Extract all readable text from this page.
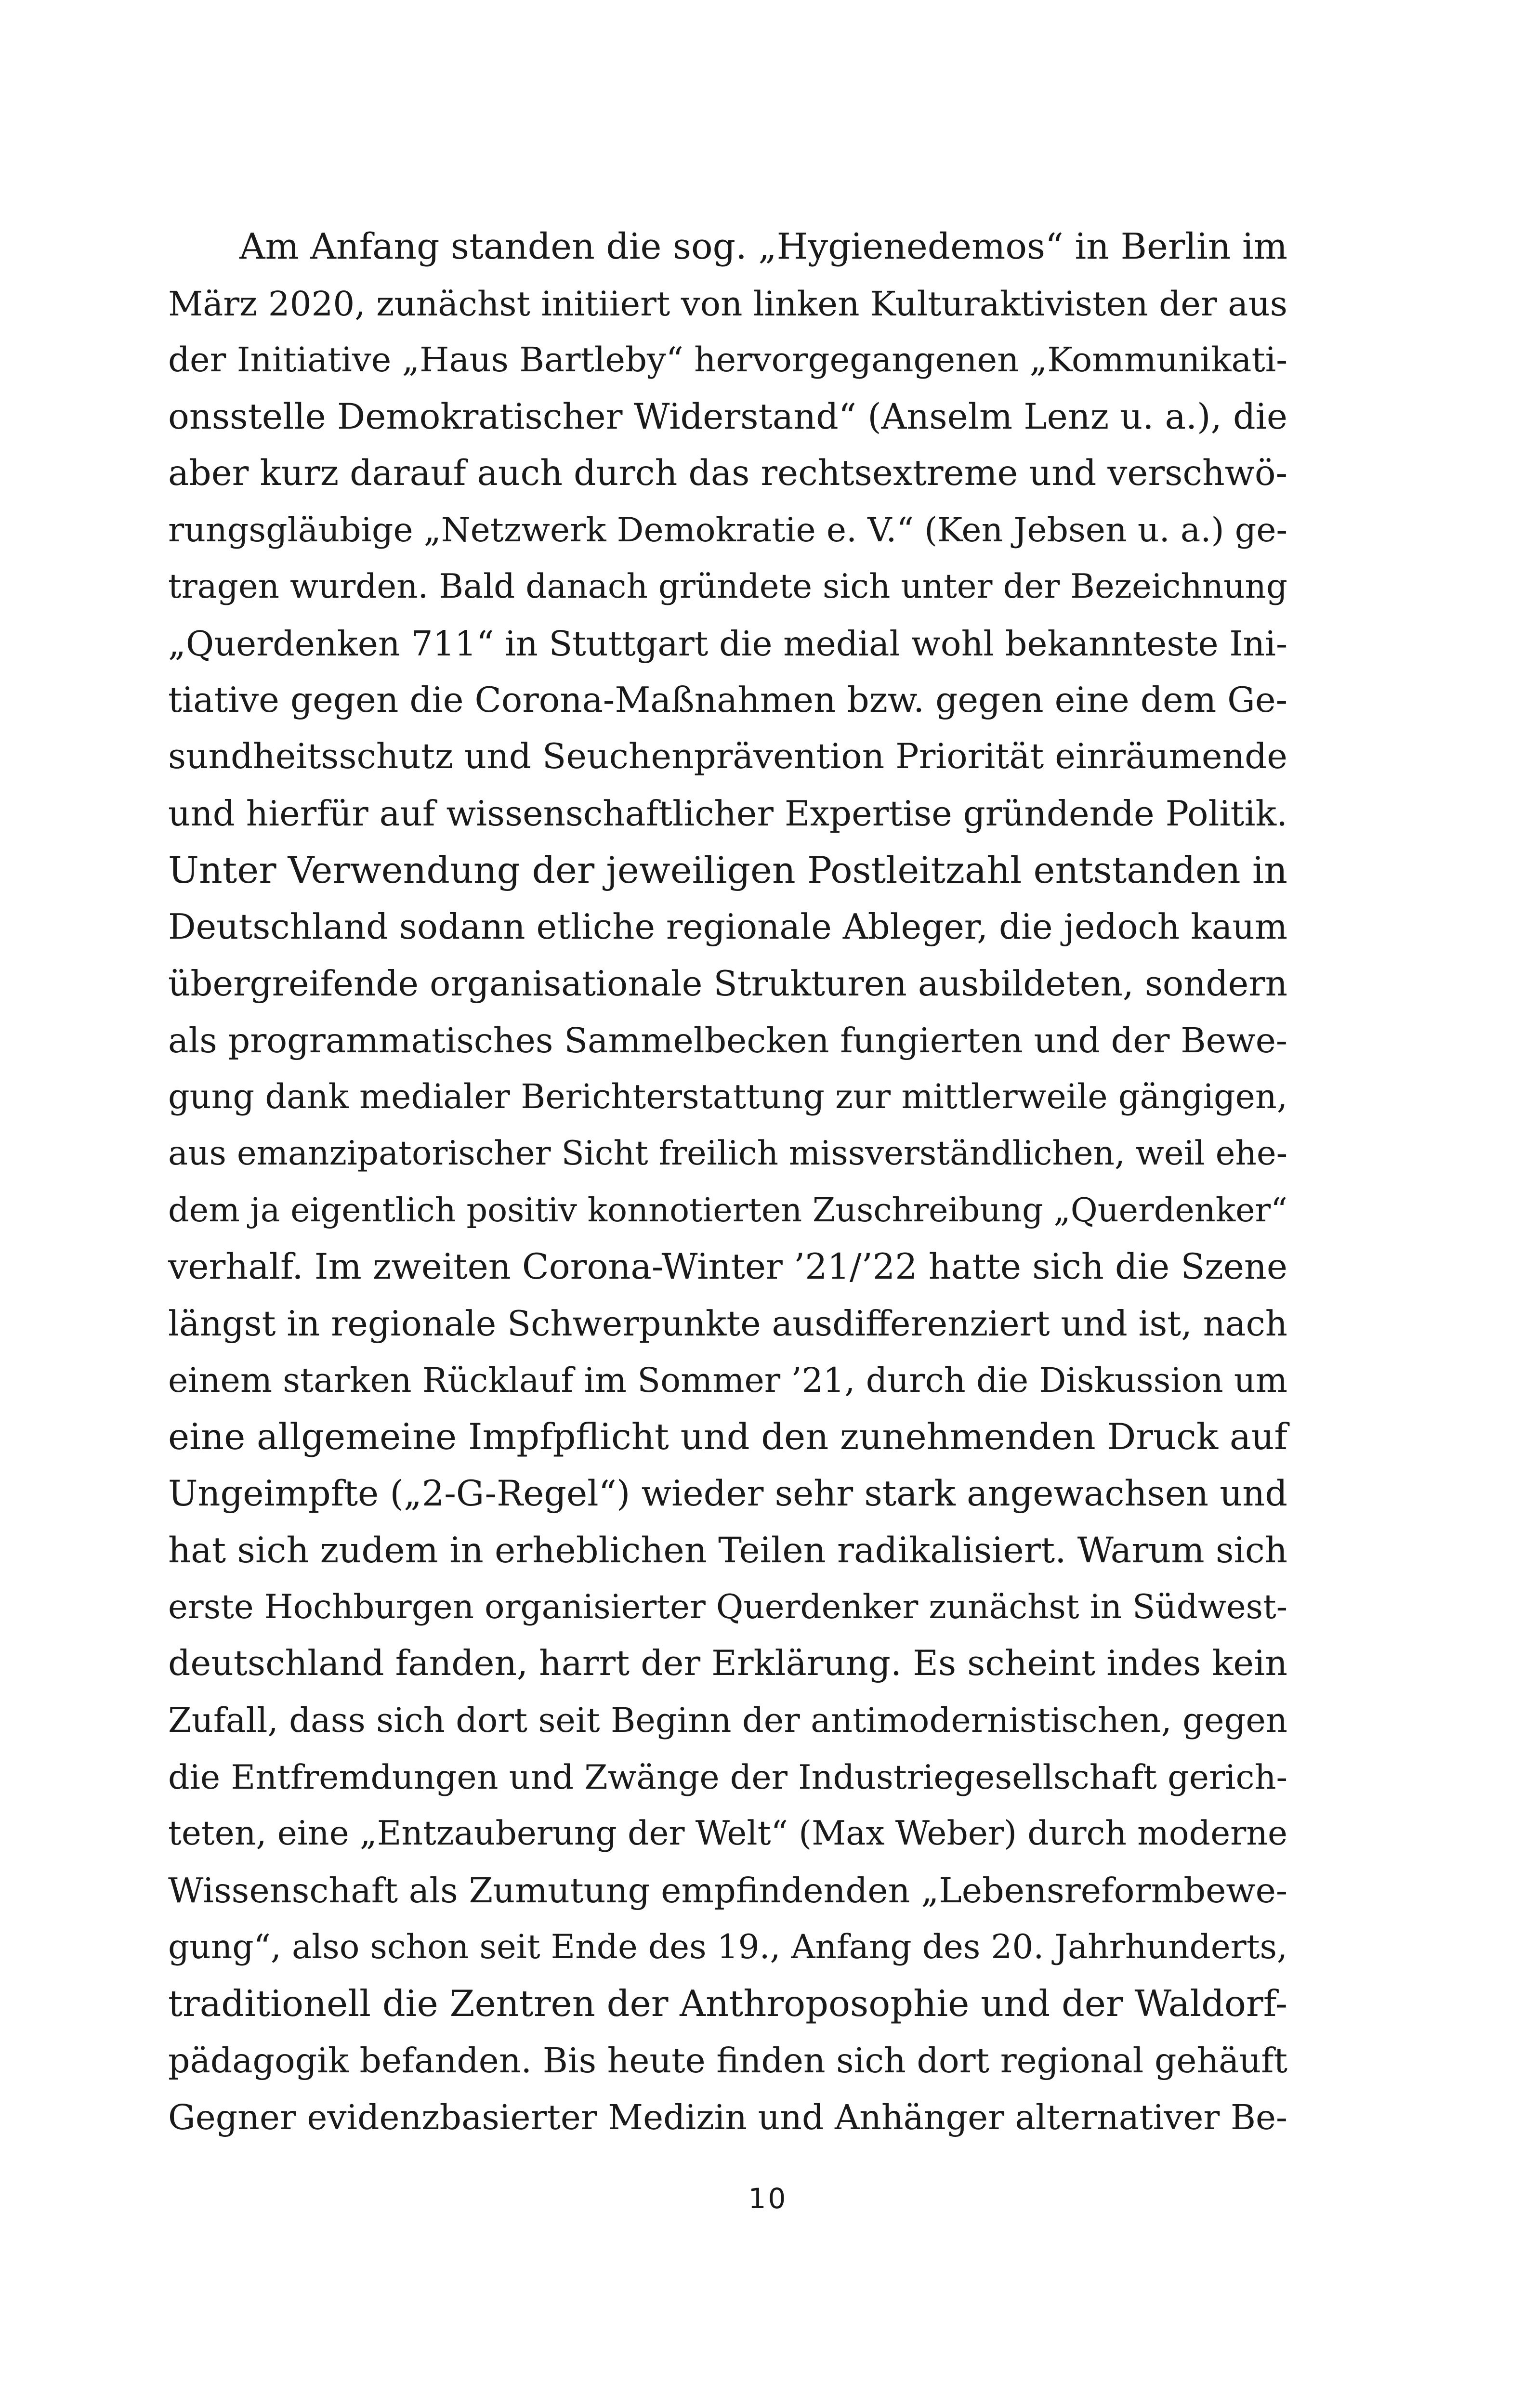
Am Anfang standen die sog. „Hygienedemos“ in Berlin im
März 2020, zunächst initiiert von linken Kulturaktivisten der aus
der Initiative „Haus Bartleby“ hervorgegangenen „Kommunikati-
onsstelle Demokratischer Widerstand“ (Anselm Lenz u. a.), die
aber kurz darauf auch durch das rechtsextreme und verschwö-
rungsgläubige „Netzwerk Demokratie e. V.“ (Ken Jebsen u. a.) ge-
tragen wurden. Bald danach gründete sich unter der Bezeichnung
„Querdenken 711“ in Stuttgart die medial wohl bekannteste Ini-
tiative gegen die Corona-Maßnahmen bzw. gegen eine dem Ge-
sundheitsschutz und Seuchenprävention Priorität einräumende
und hierfür auf wissenschaftlicher Expertise gründende Politik.
Unter Verwendung der jeweiligen Postleitzahl entstanden in
Deutschland sodann etliche regionale Ableger, die jedoch kaum
übergreifende organisationale Strukturen ausbildeten, sondern
als programmatisches Sammelbecken fungierten und der Bewe-
gung dank medialer Berichterstattung zur mittlerweile gängigen,
aus emanzipatorischer Sicht freilich missverständlichen, weil ehe-
dem ja eigentlich positiv konnotierten Zuschreibung „Querdenker“
verhalf. Im zweiten Corona-Winter ’21/’22 hatte sich die Szene
längst in regionale Schwerpunkte ausdifferenziert und ist, nach
einem starken Rücklauf im Sommer ’21, durch die Diskussion um
eine allgemeine Impfpflicht und den zunehmenden Druck auf
Ungeimpfte („2-G-Regel“) wieder sehr stark angewachsen und
hat sich zudem in erheblichen Teilen radikalisiert. Warum sich
erste Hochburgen organisierter Querdenker zunächst in Südwest-
deutschland fanden, harrt der Erklärung. Es scheint indes kein
Zufall, dass sich dort seit Beginn der antimodernistischen, gegen
die Entfremdungen und Zwänge der Industriegesellschaft gerich-
teten, eine „Entzauberung der Welt“ (Max Weber) durch moderne
Wissenschaft als Zumutung empfindenden „Lebensreformbewe-
gung“, also schon seit Ende des 19., Anfang des 20. Jahrhunderts,
traditionell die Zentren der Anthroposophie und der Waldorf-
pädagogik befanden. Bis heute finden sich dort regional gehäuft
Gegner evidenzbasierter Medizin und Anhänger alternativer Be-
10
